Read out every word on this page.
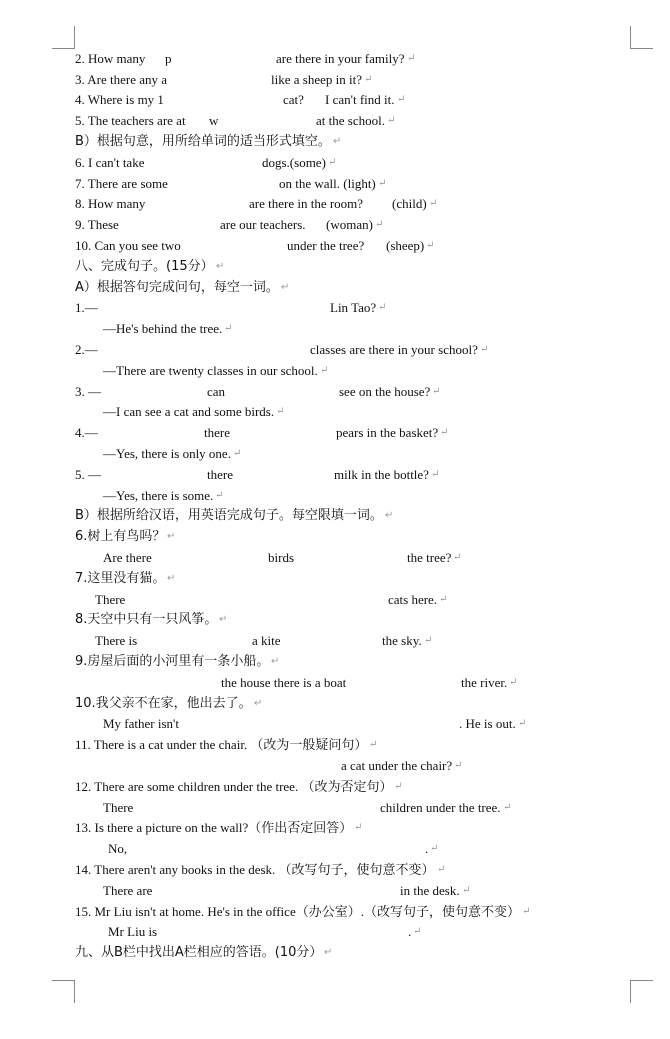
2. How many p	are there in your family? ↵
3. Are there any a	like a sheep in it? ↵
4. Where is my 1	cat? I can't find it. ↵
5. The teachers are at w	at the school. ↵
B）根据句意，用所给单词的适当形式填空。 ↵
6. I can't take	dogs.(some) ↵
7. There are some	on the wall. (light) ↵
8. How many	are there in the room? (child) ↵
9. These	are our teachers. (woman) ↵
10. Can you see two	under the tree? (sheep) ↵
八、完成句子。(15分） ↵
A）根据答句完成问句，每空一词。 ↵
1.—	Lin Tao? ↵
—He's behind the tree. ↵
2.—	classes are there in your school? ↵
—There are twenty classes in our school. ↵
3. —	can	see on the house? ↵
—I can see a cat and some birds. ↵
4.—	there	pears in the basket? ↵
—Yes, there is only one. ↵
5. —	there	milk in the bottle? ↵
—Yes, there is some. ↵
B）根据所给汉语，用英语完成句子。每空限填一词。 ↵
6.树上有鸟吗？ ↵
Are there	birds	the tree? ↵
7.这里没有猫。 ↵
There	cats here. ↵
8.天空中只有一只风筝。 ↵
There is	a kite	the sky. ↵
9.房屋后面的小河里有一条小船。 ↵
the house there is a boat	the river. ↵
10.我父亲不在家，他出去了。 ↵
My father isn't	. He is out. ↵
11. There is a cat under the chair. （改为一般疑问句） ↵
a cat under the chair? ↵
12. There are some children under the tree. （改为否定句） ↵
There	children under the tree. ↵
13. Is there a picture on the wall?（作出否定回答） ↵
No,	. ↵
14. There aren't any books in the desk. （改写句子，使句意不变） ↵
There are	in the desk. ↵
15. Mr Liu isn't at home. He's in the office（办公室）.（改写句子，使句意不变） ↵
Mr Liu is	. ↵
九、从B栏中找出A栏相应的答语。(10分） ↵
